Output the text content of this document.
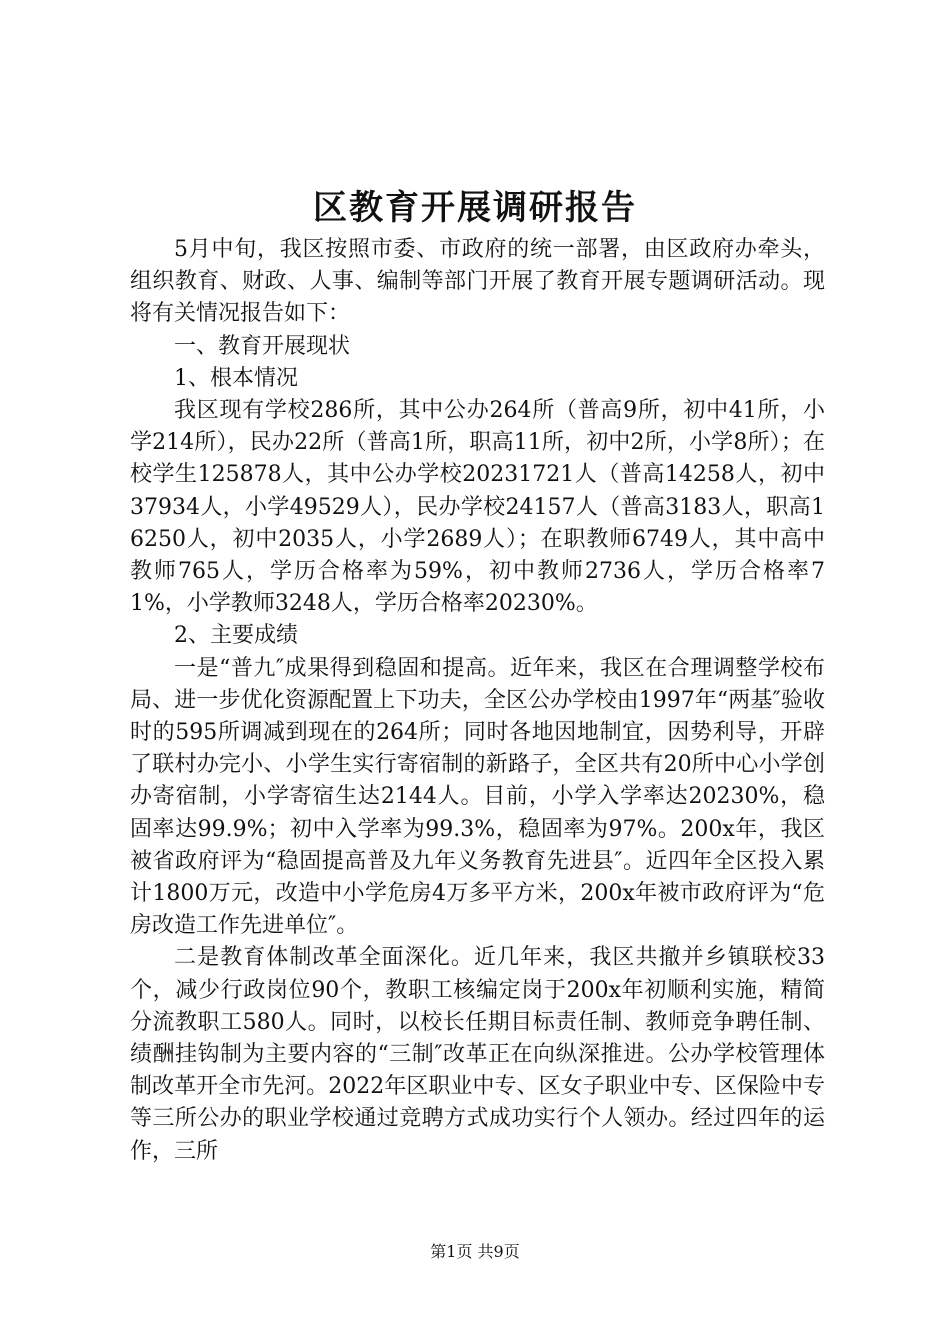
区教育开展调研报告

5月中旬，我区按照市委、市政府的统一部署，由区政府办牵头，组织教育、财政、人事、编制等部门开展了教育开展专题调研活动。现将有关情况报告如下：

一、教育开展现状

1、根本情况

我区现有学校286所，其中公办264所（普高9所，初中41所，小学214所），民办22所（普高1所，职高11所，初中2所，小学8所）；在校学生125878人，其中公办学校20231721人（普高14258人，初中37934人，小学49529人），民办学校24157人（普高3183人，职高16250人，初中2035人，小学2689人）；在职教师6749人，其中高中教师765人，学历合格率为59%，初中教师2736人，学历合格率71%，小学教师3248人，学历合格率20230%。

2、主要成绩

一是“普九″成果得到稳固和提高。近年来，我区在合理调整学校布局、进一步优化资源配置上下功夫，全区公办学校由1997年“两基″验收时的595所调减到现在的264所；同时各地因地制宜，因势利导，开辟了联村办完小、小学生实行寄宿制的新路子，全区共有20所中心小学创办寄宿制，小学寄宿生达2144人。目前，小学入学率达20230%，稳固率达99.9%；初中入学率为99.3%，稳固率为97%。200x年，我区被省政府评为“稳固提高普及九年义务教育先进县″。近四年全区投入累计1800万元，改造中小学危房4万多平方米，200x年被市政府评为“危房改造工作先进单位″。

二是教育体制改革全面深化。近几年来，我区共撤并乡镇联校33个，减少行政岗位90个，教职工核编定岗于200x年初顺利实施，精简分流教职工580人。同时，以校长任期目标责任制、教师竞争聘任制、绩酬挂钩制为主要内容的“三制″改革正在向纵深推进。公办学校管理体制改革开全市先河。2022年区职业中专、区女子职业中专、区保险中专等三所公办的职业学校通过竞聘方式成功实行个人领办。经过四年的运作，三所

第1页 共9页
